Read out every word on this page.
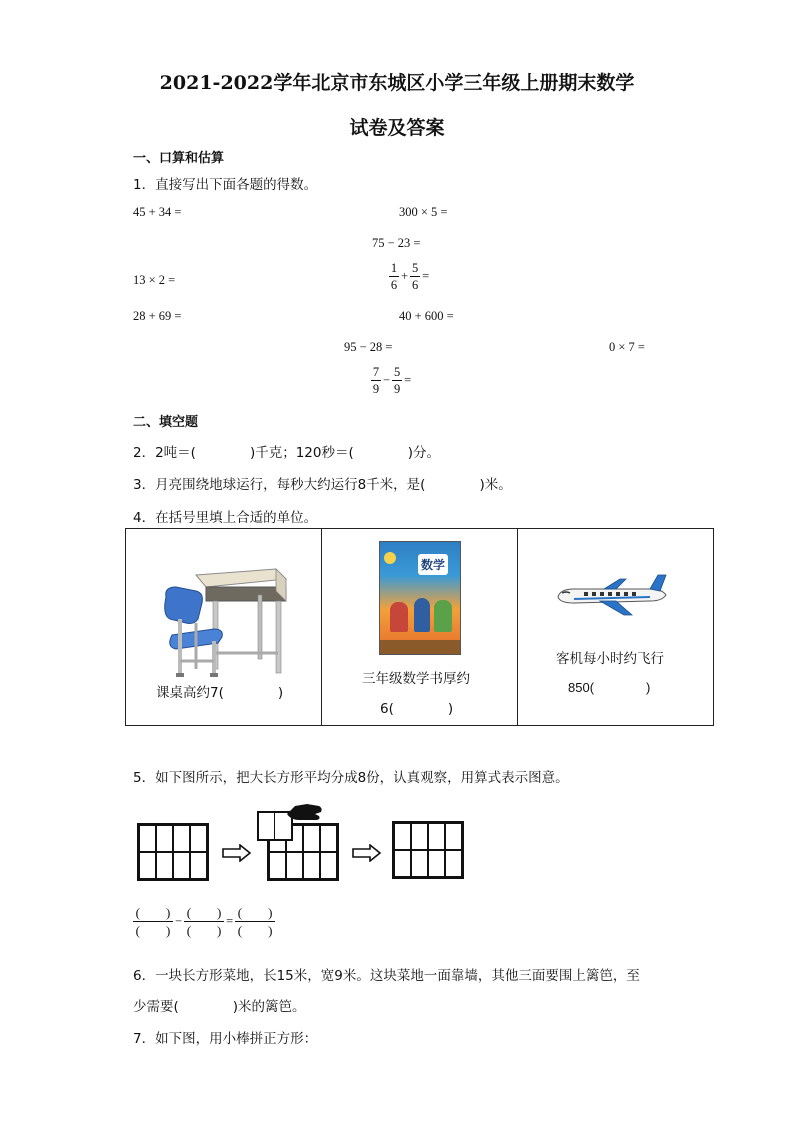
2021-2022学年北京市东城区小学三年级上册期末数学
试卷及答案
一、口算和估算
1．直接写出下面各题的得数。
45 + 34 =	300 × 5 =
75 − 23 =
13 × 2 =	$\frac{1}{6} + \frac{5}{6}$ =
28 + 69 =	40 + 600 =
95 − 28 =	0 × 7 =
$\frac{7}{9} - \frac{5}{9}$ =
二、填空题
2．2吨＝(　　　　)千克；120秒＝(　　　　)分。
3．月亮围绕地球运行，每秒大约运行8千米，是(　　　　)米。
4．在括号里填上合适的单位。
课桌高约7(　　　　)

数学
三年级数学书厚约
6(　　　　)

客机每小时约飞行
850(　　　　)
5．如下图所示，把大长方形平均分成8份，认真观察，用算式表示图意。
(　　)
(　　)
−
(　　)
(　　)
=
(　　)
(　　)
6．一块长方形菜地，长15米，宽9米。这块菜地一面靠墙，其他三面要围上篱笆，至
少需要(　　　　)米的篱笆。
7．如下图，用小棒拼正方形：
